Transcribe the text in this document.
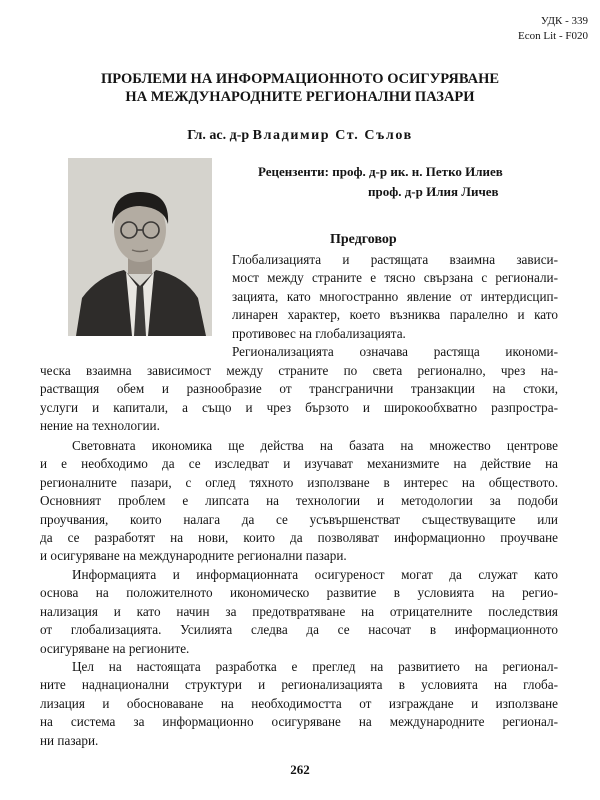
УДК - 339
Econ Lit - F020
ПРОБЛЕМИ НА ИНФОРМАЦИОННОТО ОСИГУРЯВАНЕ
НА МЕЖДУНАРОДНИТЕ РЕГИОНАЛНИ ПАЗАРИ
Гл. ас. д-р Владимир Ст. Сълов
Рецензенти: проф. д-р ик. н. Петко Илиев
проф. д-р Илия Личев
Предговор
Глобализацията и растящата взаимна зависи-
мост между страните е тясно свързана с регионали-
зацията, като многостранно явление от интердисцип-
линарен характер, което възниква паралелно и като
противовес на глобализацията.
Регионализацията означава растяща икономи-
ческа взаимна зависимост между страните по света регионално, чрез на-
растващия обем и разнообразие от трансгранични транзакции на стоки,
услуги и капитали, а също и чрез бързото и широкообхватно разпростра-
нение на технологии.
Световната икономика ще действа на базата на множество центрове
и е необходимо да се изследват и изучават механизмите на действие на
регионалните пазари, с оглед тяхното използване в интерес на обществото.
Основният проблем е липсата на технологии и методологии за подоби
проучвания, които налага да се усъвършенстват съществуващите или
да се разработят на нови, които да позволяват информационно проучване
и осигуряване на международните регионални пазари.
Информацията и информационната осигуреност могат да служат като
основа на положителното икономическо развитие в условията на регио-
нализация и като начин за предотвратяване на отрицателните последствия
от глобализацията. Усилията следва да се насочат в информационното
осигуряване на регионите.
Цел на настоящата разработка е преглед на развитието на регионал-
ните наднационални структури и регионализацията в условията на глоба-
лизация и обосноваване на необходимостта от изграждане и използване
на система за информационно осигуряване на международните регионал-
ни пазари.
262
